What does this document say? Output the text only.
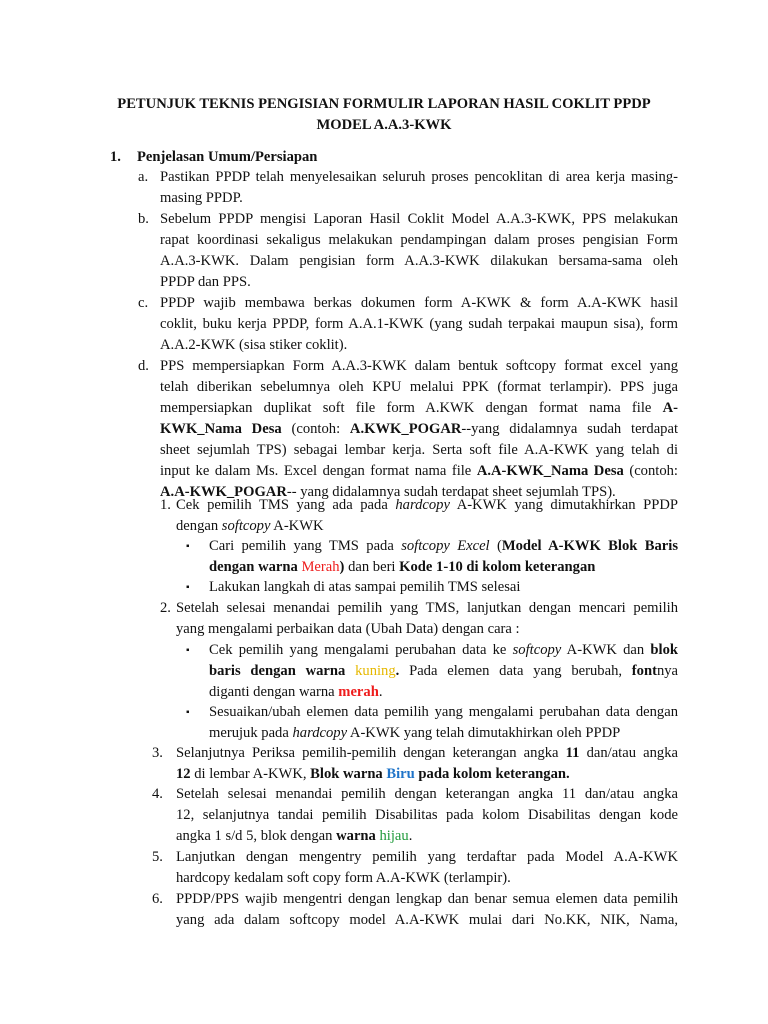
PETUNJUK TEKNIS PENGISIAN FORMULIR LAPORAN HASIL COKLIT PPDP
MODEL A.A.3-KWK
1. Penjelasan Umum/Persiapan
a. Pastikan PPDP telah menyelesaikan seluruh proses pencoklitan di area kerja masing-
masing PPDP.
b. Sebelum PPDP mengisi Laporan Hasil Coklit Model A.A.3-KWK, PPS melakukan
rapat koordinasi sekaligus melakukan pendampingan dalam proses pengisian Form
A.A.3-KWK. Dalam pengisian form A.A.3-KWK dilakukan bersama-sama oleh
PPDP dan PPS.
c. PPDP wajib membawa berkas dokumen form A-KWK & form A.A-KWK hasil
coklit, buku kerja PPDP, form A.A.1-KWK (yang sudah terpakai maupun sisa), form
A.A.2-KWK (sisa stiker coklit).
d. PPS mempersiapkan Form A.A.3-KWK dalam bentuk softcopy format excel yang
telah diberikan sebelumnya oleh KPU melalui PPK (format terlampir). PPS juga
mempersiapkan duplikat soft file form A.KWK dengan format nama file A-
KWK_Nama Desa (contoh: A.KWK_POGAR--yang didalamnya sudah terdapat
sheet sejumlah TPS) sebagai lembar kerja. Serta soft file A.A-KWK yang telah di
input ke dalam Ms. Excel dengan format nama file A.A-KWK_Nama Desa (contoh:
A.A-KWK_POGAR-- yang didalamnya sudah terdapat sheet sejumlah TPS).
1. Cek pemilih TMS yang ada pada hardcopy A-KWK yang dimutakhirkan PPDP
dengan softcopy A-KWK
▪ Cari pemilih yang TMS pada softcopy Excel (Model A-KWK Blok Baris
dengan warna Merah) dan beri Kode 1-10 di kolom keterangan
▪ Lakukan langkah di atas sampai pemilih TMS selesai
2. Setelah selesai menandai pemilih yang TMS, lanjutkan dengan mencari pemilih
yang mengalami perbaikan data (Ubah Data) dengan cara :
▪ Cek pemilih yang mengalami perubahan data ke softcopy A-KWK dan blok
baris dengan warna kuning. Pada elemen data yang berubah, fontnya
diganti dengan warna merah.
▪ Sesuaikan/ubah elemen data pemilih yang mengalami perubahan data dengan
merujuk pada hardcopy A-KWK yang telah dimutakhirkan oleh PPDP
3. Selanjutnya Periksa pemilih-pemilih dengan keterangan angka 11 dan/atau angka
12 di lembar A-KWK, Blok warna Biru pada kolom keterangan.
4. Setelah selesai menandai pemilih dengan keterangan angka 11 dan/atau angka
12, selanjutnya tandai pemilih Disabilitas pada kolom Disabilitas dengan kode
angka 1 s/d 5, blok dengan warna hijau.
5. Lanjutkan dengan mengentry pemilih yang terdaftar pada Model A.A-KWK
hardcopy kedalam soft copy form A.A-KWK (terlampir).
6. PPDP/PPS wajib mengentri dengan lengkap dan benar semua elemen data pemilih
yang ada dalam softcopy model A.A-KWK mulai dari No.KK, NIK, Nama,
